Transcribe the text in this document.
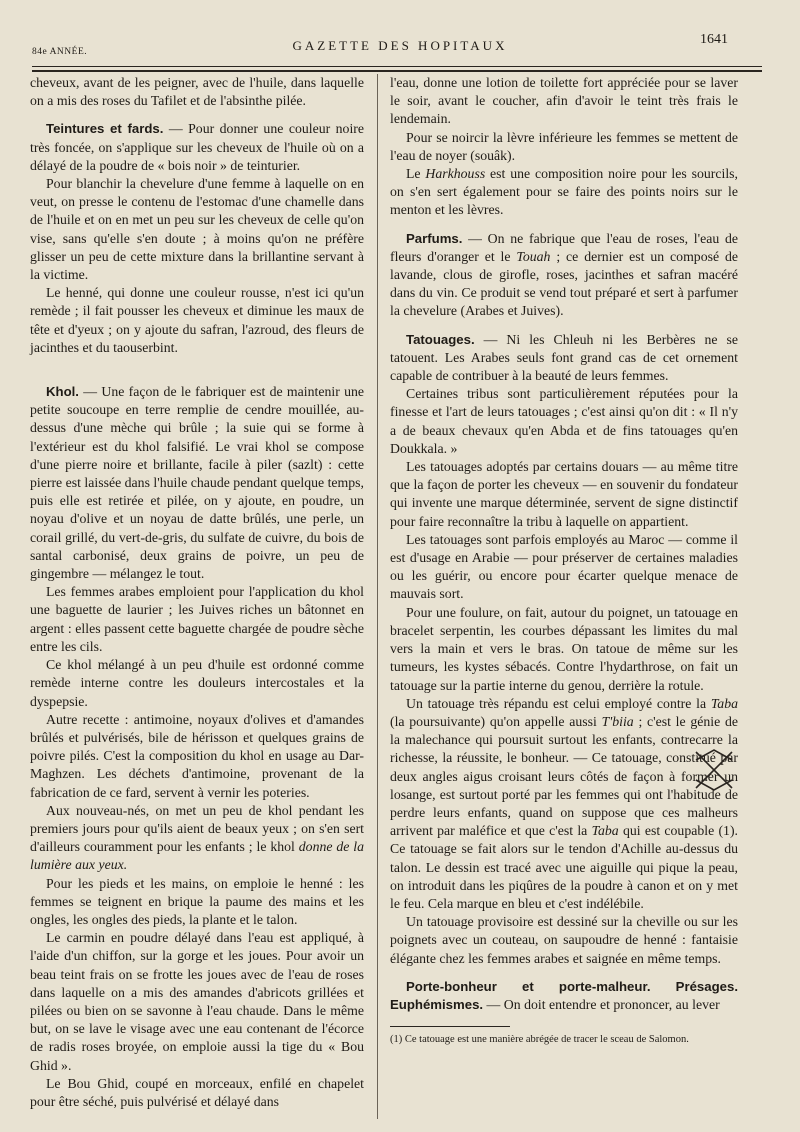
84e ANNÉE.	GAZETTE DES HOPITAUX	1641

cheveux, avant de les peigner, avec de l'huile, dans laquelle on a mis des roses du Tafilet et de l'absinthe pilée.

Teintures et fards. — Pour donner une couleur noire très foncée, on s'applique sur les cheveux de l'huile où on a délayé de la poudre de « bois noir » de teinturier.

Pour blanchir la chevelure d'une femme à laquelle on en veut, on presse le contenu de l'estomac d'une chamelle dans de l'huile et on en met un peu sur les cheveux de celle qu'on vise, sans qu'elle s'en doute ; à moins qu'on ne préfère glisser un peu de cette mixture dans la brillantine servant à la victime.

Le henné, qui donne une couleur rousse, n'est ici qu'un remède ; il fait pousser les cheveux et diminue les maux de tête et d'yeux ; on y ajoute du safran, l'azroud, des fleurs de jacinthes et du taouserbint.

Khol. — Une façon de le fabriquer est de maintenir une petite soucoupe en terre remplie de cendre mouillée, au-dessus d'une mèche qui brûle ; la suie qui se forme à l'extérieur est du khol falsifié. Le vrai khol se compose d'une pierre noire et brillante, facile à piler (sazlt) : cette pierre est laissée dans l'huile chaude pendant quelque temps, puis elle est retirée et pilée, on y ajoute, en poudre, un noyau d'olive et un noyau de datte brûlés, une perle, un corail grillé, du vert-de-gris, du sulfate de cuivre, du bois de santal carbonisé, deux grains de poivre, un peu de gingembre — mélangez le tout.

Les femmes arabes emploient pour l'application du khol une baguette de laurier ; les Juives riches un bâtonnet en argent : elles passent cette baguette chargée de poudre sèche entre les cils.

Ce khol mélangé à un peu d'huile est ordonné comme remède interne contre les douleurs intercostales et la dyspepsie.

Autre recette : antimoine, noyaux d'olives et d'amandes brûlés et pulvérisés, bile de hérisson et quelques grains de poivre pilés. C'est la composition du khol en usage au Dar-Maghzen. Les déchets d'antimoine, provenant de la fabrication de ce fard, servent à vernir les poteries.

Aux nouveau-nés, on met un peu de khol pendant les premiers jours pour qu'ils aient de beaux yeux ; on s'en sert d'ailleurs couramment pour les enfants ; le khol donne de la lumière aux yeux.

Pour les pieds et les mains, on emploie le henné : les femmes se teignent en brique la paume des mains et les ongles, les ongles des pieds, la plante et le talon.

Le carmin en poudre délayé dans l'eau est appliqué, à l'aide d'un chiffon, sur la gorge et les joues. Pour avoir un beau teint frais on se frotte les joues avec de l'eau de roses dans laquelle on a mis des amandes d'abricots grillées et pilées ou bien on se savonne à l'eau chaude. Dans le même but, on se lave le visage avec une eau contenant de l'écorce de radis roses broyée, on emploie aussi la tige du « Bou Ghid ».

Le Bou Ghid, coupé en morceaux, enfilé en chapelet pour être séché, puis pulvérisé et délayé dans

l'eau, donne une lotion de toilette fort appréciée pour se laver le soir, avant le coucher, afin d'avoir le teint très frais le lendemain.

Pour se noircir la lèvre inférieure les femmes se mettent de l'eau de noyer (souâk).

Le Harkhouss est une composition noire pour les sourcils, on s'en sert également pour se faire des points noirs sur le menton et les lèvres.

Parfums. — On ne fabrique que l'eau de roses, l'eau de fleurs d'oranger et le Touah ; ce dernier est un composé de lavande, clous de girofle, roses, jacinthes et safran macéré dans du vin. Ce produit se vend tout préparé et sert à parfumer la chevelure (Arabes et Juives).

Tatouages. — Ni les Chleuh ni les Berbères ne se tatouent. Les Arabes seuls font grand cas de cet ornement capable de contribuer à la beauté de leurs femmes.

Certaines tribus sont particulièrement réputées pour la finesse et l'art de leurs tatouages ; c'est ainsi qu'on dit : « Il n'y a de beaux chevaux qu'en Abda et de fins tatouages qu'en Doukkala. »

Les tatouages adoptés par certains douars — au même titre que la façon de porter les cheveux — en souvenir du fondateur qui invente une marque déterminée, servent de signe distinctif pour faire reconnaître la tribu à laquelle on appartient.

Les tatouages sont parfois employés au Maroc — comme il est d'usage en Arabie — pour préserver de certaines maladies ou les guérir, ou encore pour écarter quelque menace de mauvais sort.

Pour une foulure, on fait, autour du poignet, un tatouage en bracelet serpentin, les courbes dépassant les limites du mal vers la main et vers le bras. On tatoue de même sur les tumeurs, les kystes sébacés. Contre l'hydarthrose, on fait un tatouage sur la partie interne du genou, derrière la rotule.

Un tatouage très répandu est celui employé contre la Taba (la poursuivante) qu'on appelle aussi T'biia ; c'est le génie de la malechance qui poursuit surtout les enfants, contrecarre la richesse, la réussite, le bonheur. — Ce tatouage, constitué par deux angles aigus croisant leurs côtés de façon à former un losange, est surtout porté par les femmes qui ont l'habitude de perdre leurs enfants, quand on suppose que ces malheurs arrivent par maléfice et que c'est la Taba qui est coupable (1). Ce tatouage se fait alors sur le tendon d'Achille au-dessus du talon. Le dessin est tracé avec une aiguille qui pique la peau, on introduit dans les piqûres de la poudre à canon et on y met le feu. Cela marque en bleu et c'est indélébile.

Un tatouage provisoire est dessiné sur la cheville ou sur les poignets avec un couteau, on saupoudre de henné : fantaisie élégante chez les femmes arabes et saignée en même temps.

Porte-bonheur et porte-malheur. Présages. Euphémismes. — On doit entendre et prononcer, au lever

(1) Ce tatouage est une manière abrégée de tracer le sceau de Salomon.
